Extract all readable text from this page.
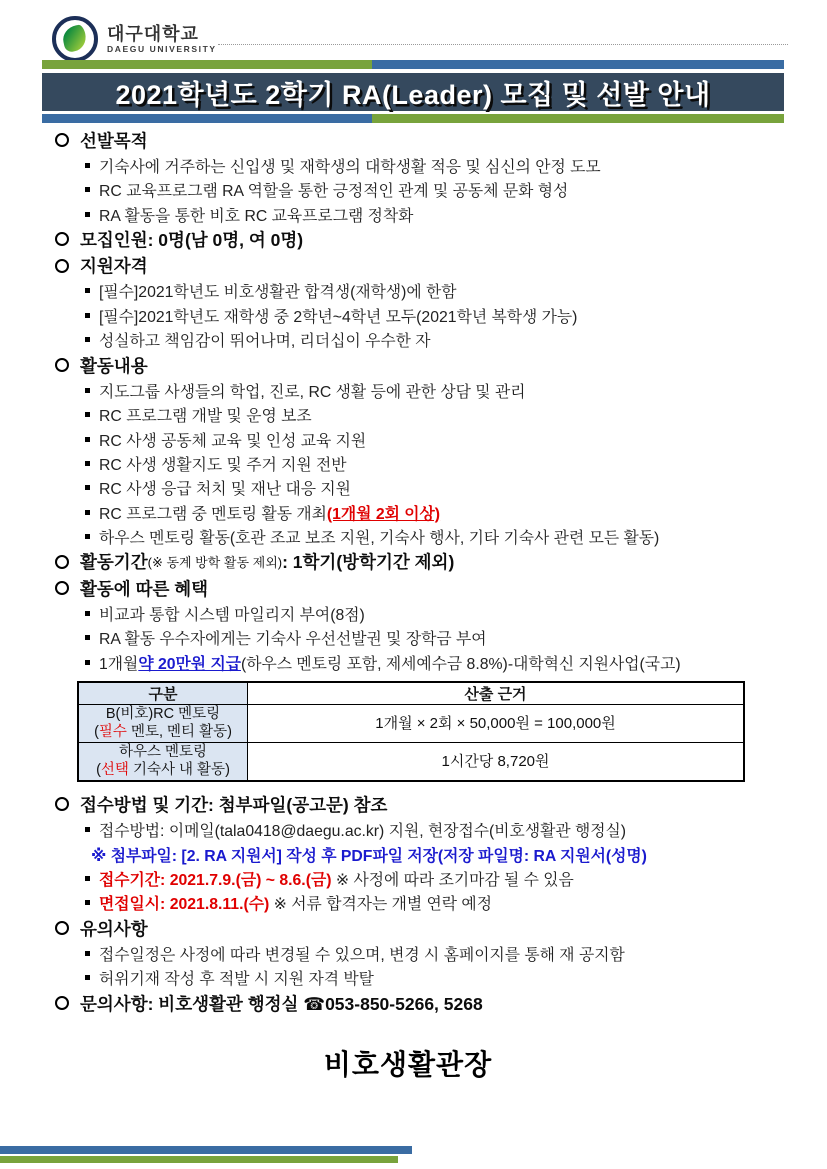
대구대학교
DAEGU UNIVERSITY
2021학년도 2학기 RA(Leader) 모집 및 선발 안내
선발목적
기숙사에 거주하는 신입생 및 재학생의 대학생활 적응 및 심신의 안정 도모
RC 교육프로그램 RA 역할을 통한 긍정적인 관계 및 공동체 문화 형성
RA 활동을 통한 비호 RC 교육프로그램 정착화
모집인원: 0명(남 0명, 여 0명)
지원자격
[필수]2021학년도 비호생활관 합격생(재학생)에 한함
[필수]2021학년도 재학생 중 2학년~4학년 모두(2021학년 복학생 가능)
성실하고 책임감이 뛰어나며, 리더십이 우수한 자
활동내용
지도그룹 사생들의 학업, 진로, RC 생활 등에 관한 상담 및 관리
RC 프로그램 개발 및 운영 보조
RC 사생 공동체 교육 및 인성 교육 지원
RC 사생 생활지도 및 주거 지원 전반
RC 사생 응급 처치 및 재난 대응 지원
RC 프로그램 중 멘토링 활동 개최 (1개월 2회 이상)
하우스 멘토링 활동(호관 조교 보조 지원, 기숙사 행사, 기타 기숙사 관련 모든 활동)
활동기간 (※ 동계 방학 활동 제외) : 1학기(방학기간 제외)
활동에 따른 혜택
비교과 통합 시스템 마일리지 부여(8점)
RA 활동 우수자에게는 기숙사 우선선발권 및 장학금 부여
1개월 약 20만원 지급 (하우스 멘토링 포함, 제세예수금 8.8%)-대학혁신 지원사업(국고)
구분	산출 근거

B(비호)RC 멘토링
(필수 멘토, 멘티 활동)	1개월 × 2회 × 50,000원 = 100,000원

하우스 멘토링
(선택 기숙사 내 활동)	1시간당 8,720원
접수방법 및 기간: 첨부파일(공고문) 참조
접수방법: 이메일(tala0418@daegu.ac.kr) 지원, 현장접수(비호생활관 행정실)
※ 첨부파일: [2. RA 지원서] 작성 후 PDF파일 저장(저장 파일명: RA 지원서(성명)
접수기간: 2021.7.9.(금) ~ 8.6.(금)
※ 사정에 따라 조기마감 될 수 있음
면접일시: 2021.8.11.(수)
※ 서류 합격자는 개별 연락 예정
유의사항
접수일정은 사정에 따라 변경될 수 있으며, 변경 시 홈페이지를 통해 재 공지함
허위기재 작성 후 적발 시 지원 자격 박탈
문의사항: 비호생활관 행정실 ☎053-850-5266, 5268
비호생활관장
